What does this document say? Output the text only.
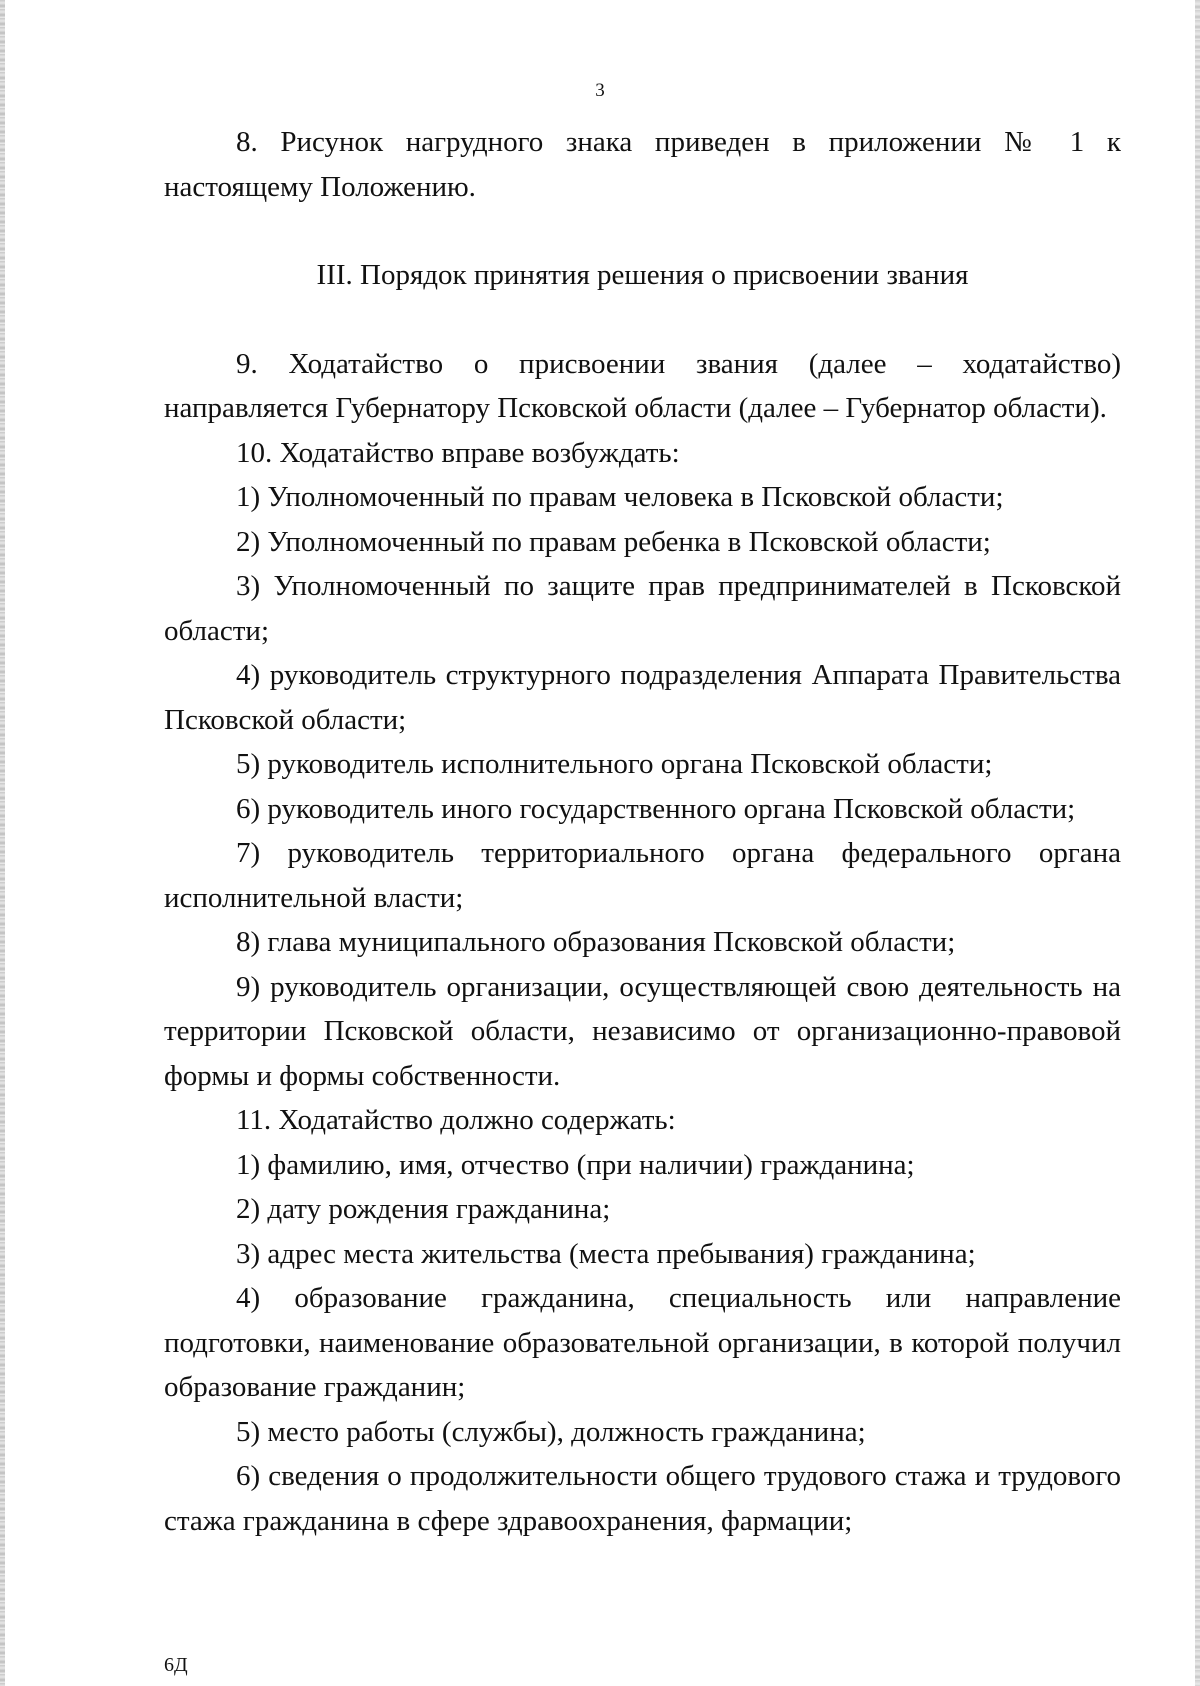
3

8. Рисунок нагрудного знака приведен в приложении № 1 к настоящему Положению.

III. Порядок принятия решения о присвоении звания

9. Ходатайство о присвоении звания (далее – ходатайство) направляется Губернатору Псковской области (далее – Губернатор области).

10. Ходатайство вправе возбуждать:

1) Уполномоченный по правам человека в Псковской области;

2) Уполномоченный по правам ребенка в Псковской области;

3) Уполномоченный по защите прав предпринимателей в Псковской области;

4) руководитель структурного подразделения Аппарата Правительства Псковской области;

5) руководитель исполнительного органа Псковской области;

6) руководитель иного государственного органа Псковской области;

7) руководитель территориального органа федерального органа исполнительной власти;

8) глава муниципального образования Псковской области;

9) руководитель организации, осуществляющей свою деятельность на территории Псковской области, независимо от организационно-правовой формы и формы собственности.

11. Ходатайство должно содержать:

1) фамилию, имя, отчество (при наличии) гражданина;

2) дату рождения гражданина;

3) адрес места жительства (места пребывания) гражданина;

4) образование гражданина, специальность или направление подготовки, наименование образовательной организации, в которой получил образование гражданин;

5) место работы (службы), должность гражданина;

6) сведения о продолжительности общего трудового стажа и трудового стажа гражданина в сфере здравоохранения, фармации;

6Д
